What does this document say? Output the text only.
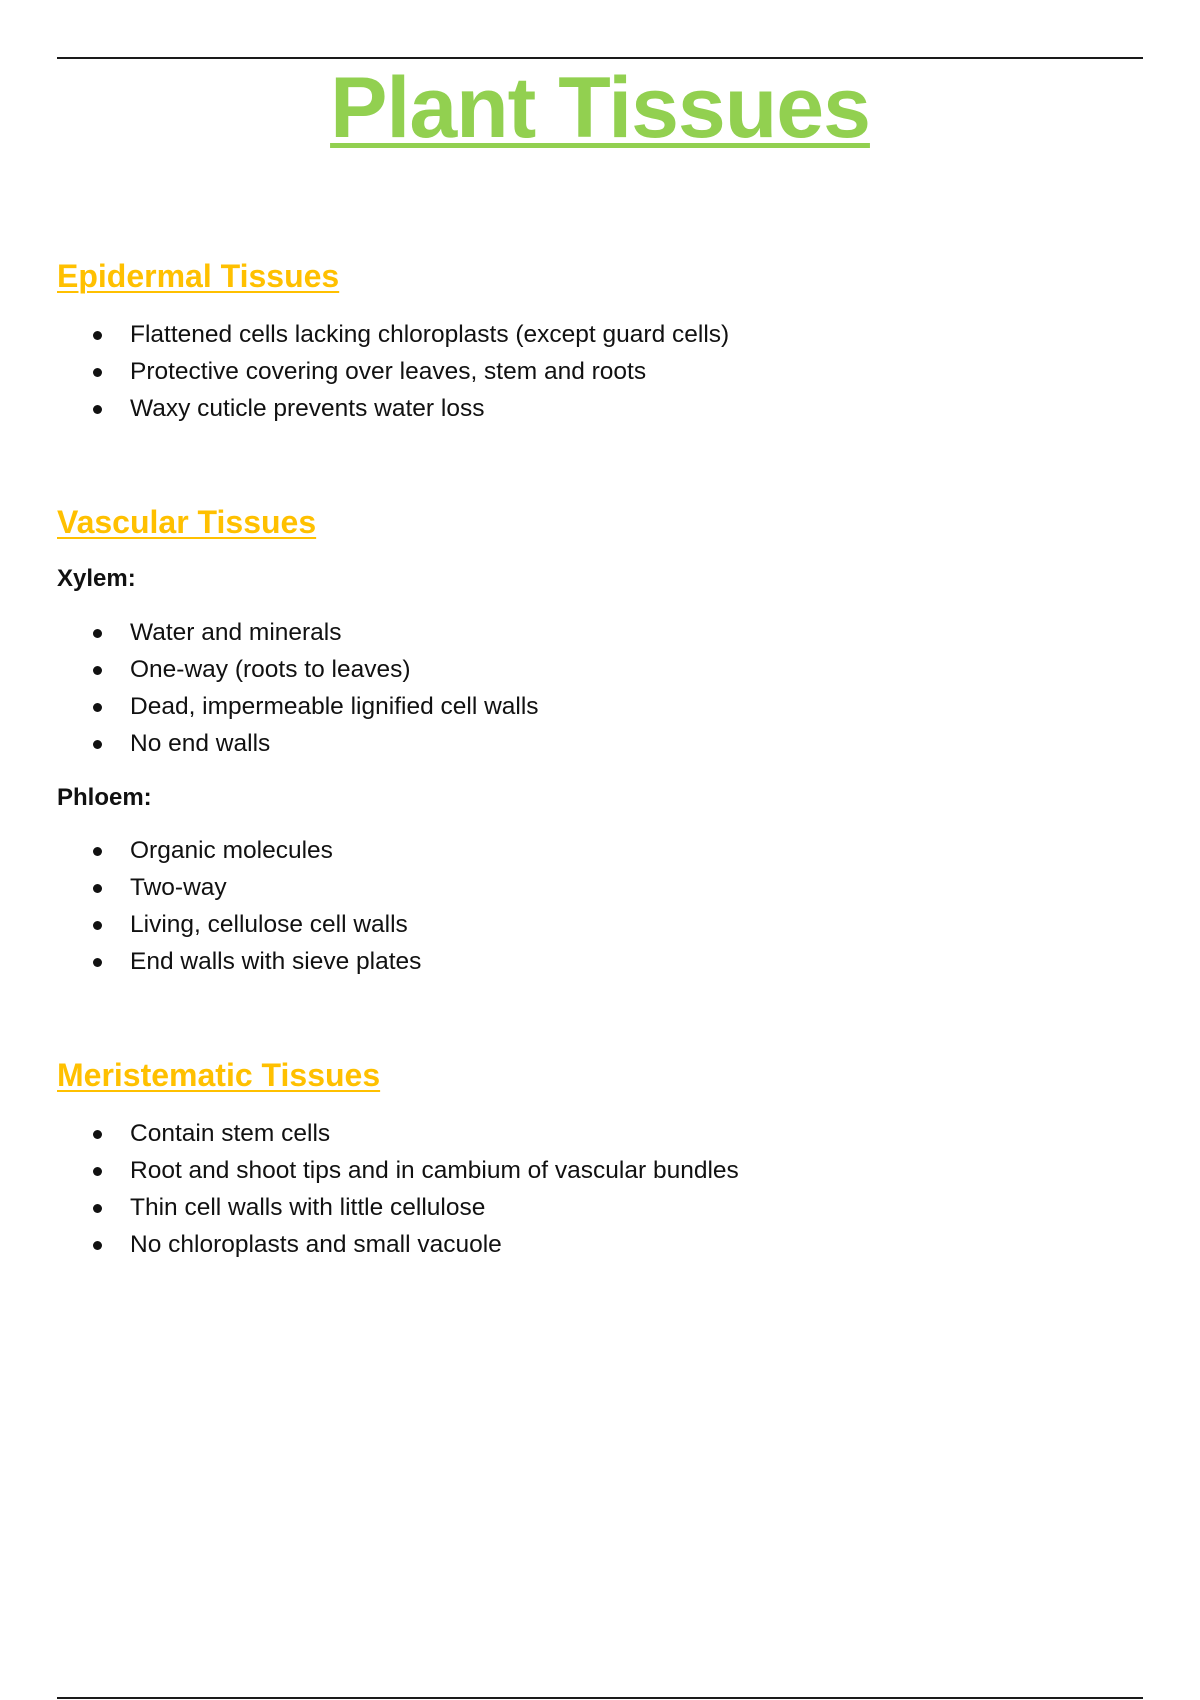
Plant Tissues
Epidermal Tissues
Flattened cells lacking chloroplasts (except guard cells)
Protective covering over leaves, stem and roots
Waxy cuticle prevents water loss
Vascular Tissues
Xylem:
Water and minerals
One-way (roots to leaves)
Dead, impermeable lignified cell walls
No end walls
Phloem:
Organic molecules
Two-way
Living, cellulose cell walls
End walls with sieve plates
Meristematic Tissues
Contain stem cells
Root and shoot tips and in cambium of vascular bundles
Thin cell walls with little cellulose
No chloroplasts and small vacuole
